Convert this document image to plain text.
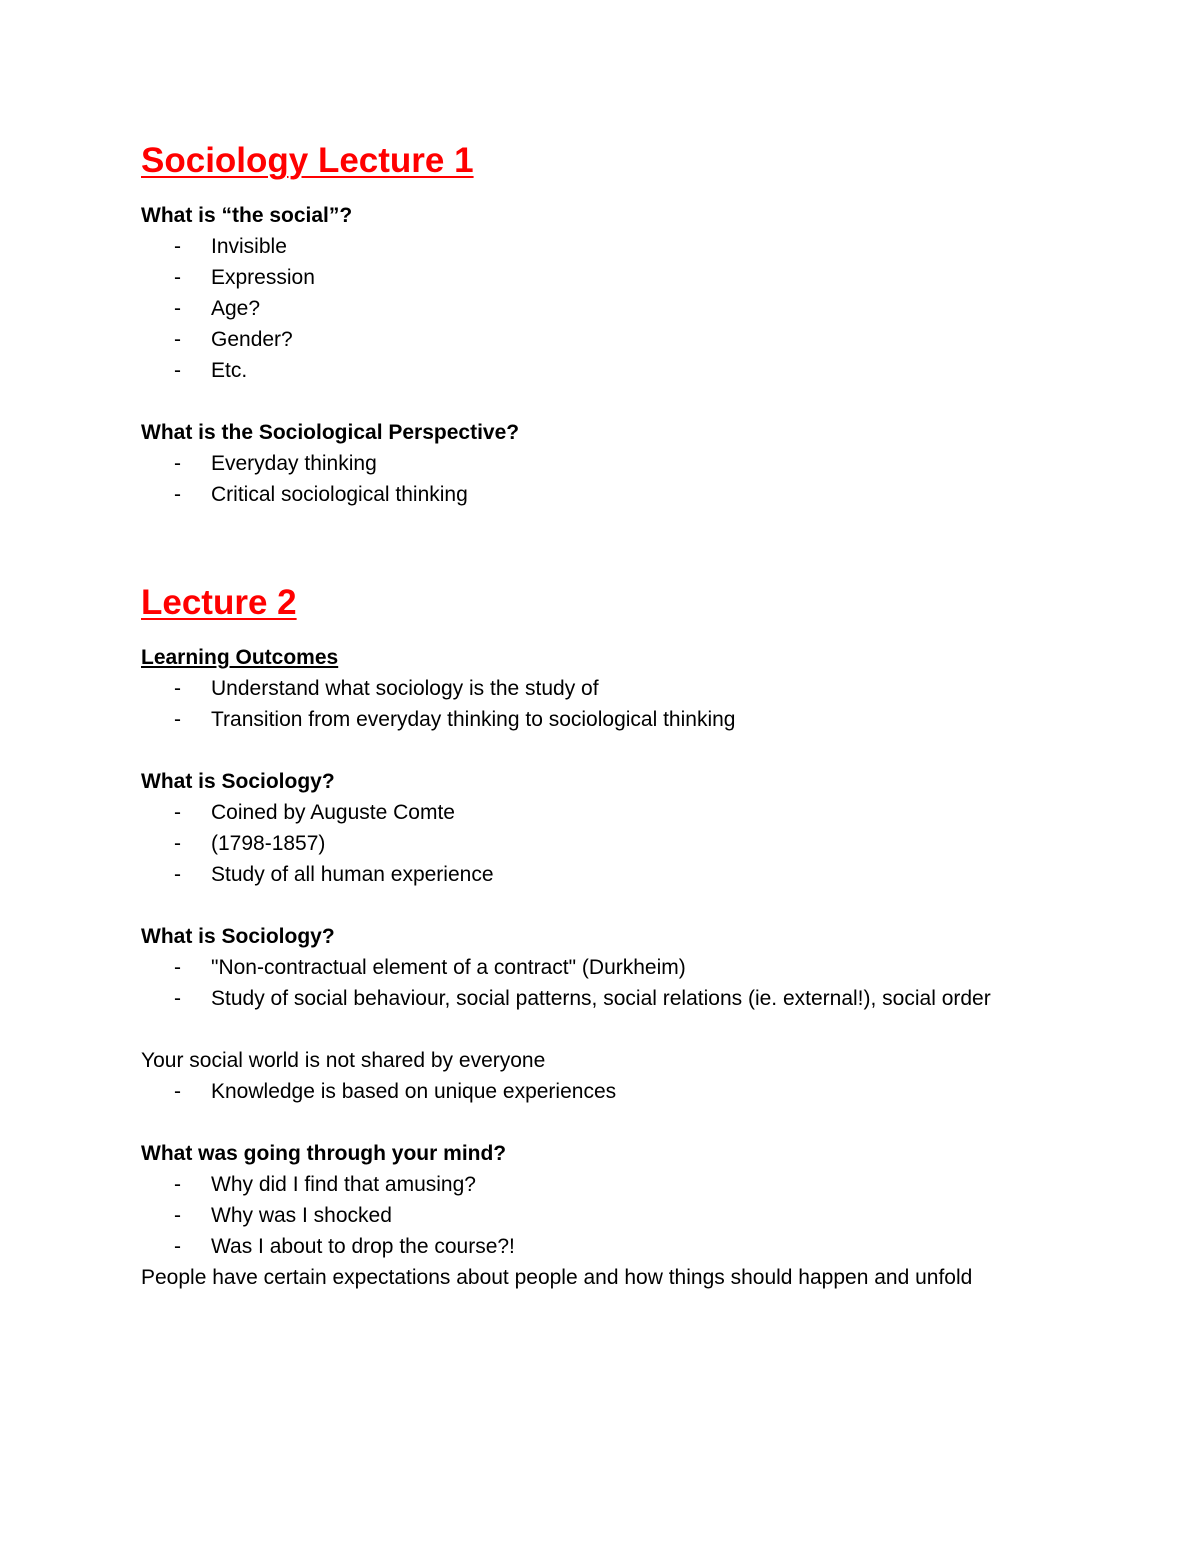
Sociology Lecture 1
What is “the social”?
- Invisible
- Expression
- Age?
- Gender?
- Etc.
What is the Sociological Perspective?
- Everyday thinking
- Critical sociological thinking
Lecture 2
Learning Outcomes
- Understand what sociology is the study of
- Transition from everyday thinking to sociological thinking
What is Sociology?
- Coined by Auguste Comte
- (1798-1857)
- Study of all human experience
What is Sociology?
- "Non-contractual element of a contract" (Durkheim)
- Study of social behaviour, social patterns, social relations (ie. external!), social order

Your social world is not shared by everyone

- Knowledge is based on unique experiences
What was going through your mind?
- Why did I find that amusing?
- Why was I shocked
- Was I about to drop the course?!

People have certain expectations about people and how things should happen and unfold
